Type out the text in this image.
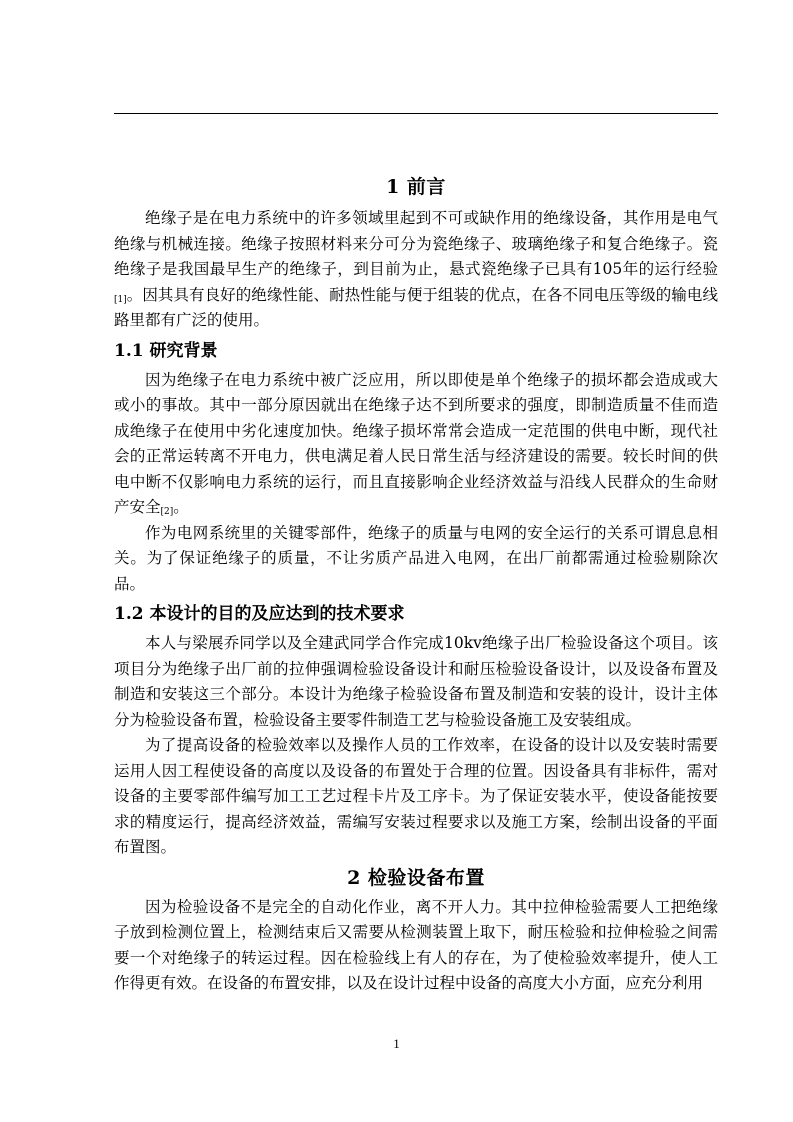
1 前言

绝缘子是在电力系统中的许多领域里起到不可或缺作用的绝缘设备，其作用是电气绝缘与机械连接。绝缘子按照材料来分可分为瓷绝缘子、玻璃绝缘子和复合绝缘子。瓷绝缘子是我国最早生产的绝缘子，到目前为止，悬式瓷绝缘子已具有105年的运行经验$_{[1]}$。因其具有良好的绝缘性能、耐热性能与便于组装的优点，在各不同电压等级的输电线路里都有广泛的使用。

1.1 研究背景

因为绝缘子在电力系统中被广泛应用，所以即使是单个绝缘子的损坏都会造成或大或小的事故。其中一部分原因就出在绝缘子达不到所要求的强度，即制造质量不佳而造成绝缘子在使用中劣化速度加快。绝缘子损坏常常会造成一定范围的供电中断，现代社会的正常运转离不开电力，供电满足着人民日常生活与经济建设的需要。较长时间的供电中断不仅影响电力系统的运行，而且直接影响企业经济效益与沿线人民群众的生命财产安全$_{[2]}$。

作为电网系统里的关键零部件，绝缘子的质量与电网的安全运行的关系可谓息息相关。为了保证绝缘子的质量，不让劣质产品进入电网，在出厂前都需通过检验剔除次品。

1.2 本设计的目的及应达到的技术要求

本人与梁展乔同学以及全建武同学合作完成10kv绝缘子出厂检验设备这个项目。该项目分为绝缘子出厂前的拉伸强调检验设备设计和耐压检验设备设计，以及设备布置及制造和安装这三个部分。本设计为绝缘子检验设备布置及制造和安装的设计，设计主体分为检验设备布置，检验设备主要零件制造工艺与检验设备施工及安装组成。

为了提高设备的检验效率以及操作人员的工作效率，在设备的设计以及安装时需要运用人因工程使设备的高度以及设备的布置处于合理的位置。因设备具有非标件，需对设备的主要零部件编写加工工艺过程卡片及工序卡。为了保证安装水平，使设备能按要求的精度运行，提高经济效益，需编写安装过程要求以及施工方案，绘制出设备的平面布置图。

2 检验设备布置

因为检验设备不是完全的自动化作业，离不开人力。其中拉伸检验需要人工把绝缘子放到检测位置上，检测结束后又需要从检测装置上取下，耐压检验和拉伸检验之间需要一个对绝缘子的转运过程。因在检验线上有人的存在，为了使检验效率提升，使人工作得更有效。在设备的布置安排，以及在设计过程中设备的高度大小方面，应充分利用

1
